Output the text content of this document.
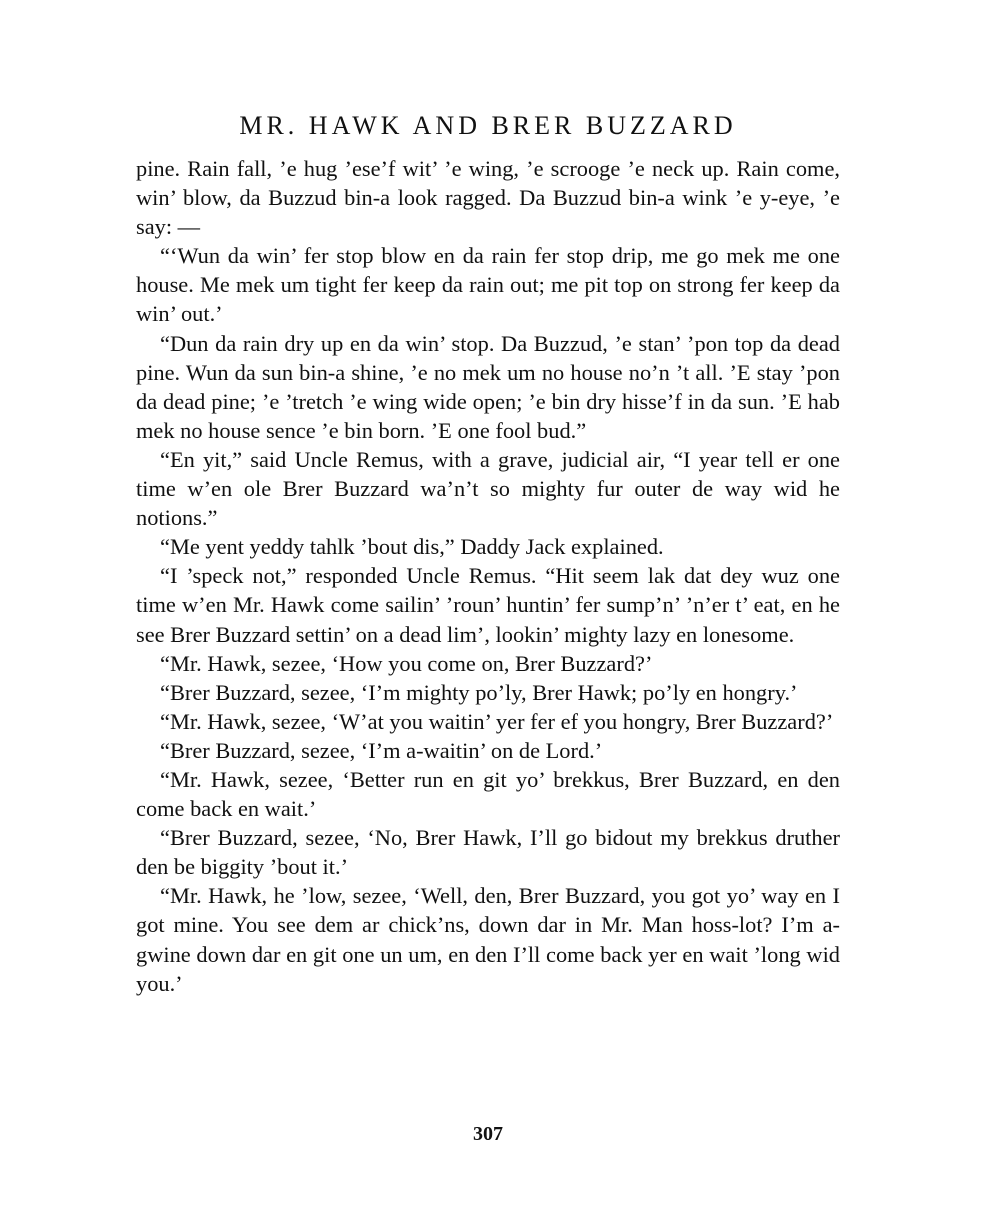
MR. HAWK AND BRER BUZZARD

pine. Rain fall, ’e hug ’ese’f wit’ ’e wing, ’e scrooge ’e neck up. Rain come, win’ blow, da Buzzud bin-a look ragged. Da Buzzud bin-a wink ’e y-eye, ’e say: —

“‘Wun da win’ fer stop blow en da rain fer stop drip, me go mek me one house. Me mek um tight fer keep da rain out; me pit top on strong fer keep da win’ out.’

“Dun da rain dry up en da win’ stop. Da Buzzud, ’e stan’ ’pon top da dead pine. Wun da sun bin-a shine, ’e no mek um no house no’n ’t all. ’E stay ’pon da dead pine; ’e ’tretch ’e wing wide open; ’e bin dry hisse’f in da sun. ’E hab mek no house sence ’e bin born. ’E one fool bud.”

“En yit,” said Uncle Remus, with a grave, judicial air, “I year tell er one time w’en ole Brer Buzzard wa’n’t so mighty fur outer de way wid he notions.”

“Me yent yeddy tahlk ’bout dis,” Daddy Jack explained.

“I ’speck not,” responded Uncle Remus. “Hit seem lak dat dey wuz one time w’en Mr. Hawk come sailin’ ’roun’ huntin’ fer sump’n’ ’n’er t’ eat, en he see Brer Buzzard settin’ on a dead lim’, lookin’ mighty lazy en lonesome.

“Mr. Hawk, sezee, ‘How you come on, Brer Buzzard?’

“Brer Buzzard, sezee, ‘I’m mighty po’ly, Brer Hawk; po’ly en hongry.’

“Mr. Hawk, sezee, ‘W’at you waitin’ yer fer ef you hongry, Brer Buzzard?’

“Brer Buzzard, sezee, ‘I’m a-waitin’ on de Lord.’

“Mr. Hawk, sezee, ‘Better run en git yo’ brekkus, Brer Buzzard, en den come back en wait.’

“Brer Buzzard, sezee, ‘No, Brer Hawk, I’ll go bidout my brekkus druther den be biggity ’bout it.’

“Mr. Hawk, he ’low, sezee, ‘Well, den, Brer Buzzard, you got yo’ way en I got mine. You see dem ar chick’ns, down dar in Mr. Man hoss-lot? I’m a-gwine down dar en git one un um, en den I’ll come back yer en wait ’long wid you.’

307
